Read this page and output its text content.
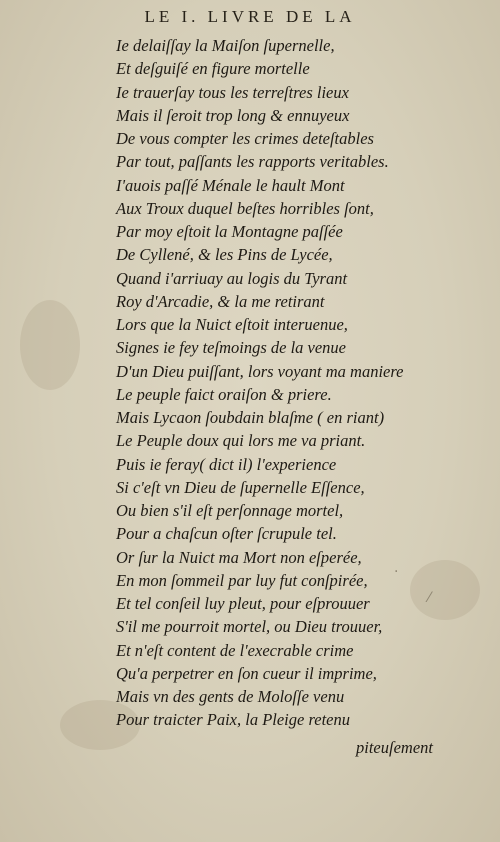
LE I. LIVRE DE LA
Ie delaiſſay la Maiſon ſupernelle,
Et deſguiſé en figure mortelle
Ie trauerſay tous les terreſtres lieux
Mais il ſeroit trop long & ennuyeux
De vous compter les crimes deteſtables
Par tout, paſſants les rapports veritables.
I'auois paſſé Ménale le hault Mont
Aux Troux duquel beſtes horribles ſont,
Par moy eſtoit la Montagne paſſée
De Cyllené, & les Pins de Lycée,
Quand i'arriuay au logis du Tyrant
Roy d'Arcadie, & la me retirant
Lors que la Nuict eſtoit interuenue,
Signes ie fey teſmoings de la venue
D'un Dieu puiſſant, lors voyant ma maniere
Le peuple faict oraiſon & priere.
Mais Lycaon ſoubdain blaſme ( en riant)
Le Peuple doux qui lors me va priant.
Puis ie feray( dict il) l'experience
Si c'eſt vn Dieu de ſupernelle Eſſence,
Ou bien s'il eſt perſonnage mortel,
Pour a chaſcun oſter ſcrupule tel.
Or ſur la Nuict ma Mort non eſperée,
En mon ſommeil par luy fut conſpirée,
Et tel conſeil luy pleut, pour eſprouuer
S'il me pourroit mortel, ou Dieu trouuer,
Et n'eſt content de l'execrable crime
Qu'a perpetrer en ſon cueur il imprime,
Mais vn des gents de Moloſſe venu
Pour traicter Paix, la Pleige retenu
piteuſement
⁄
.
